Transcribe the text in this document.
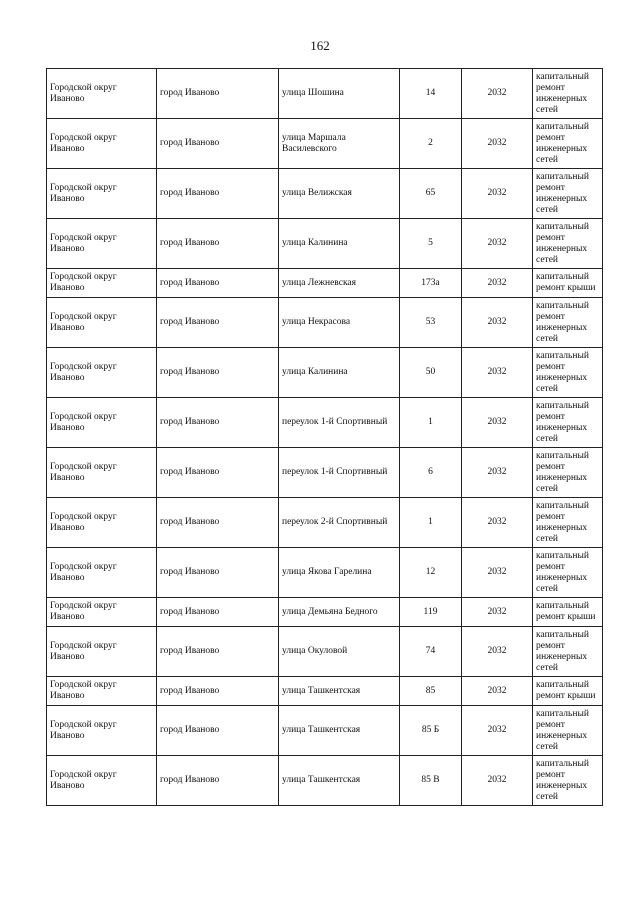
162
Городской округ Иваново	город Иваново	улица Шошина	14	2032	капитальный ремонт инженерных сетей
Городской округ Иваново	город Иваново	улица Маршала Василевского	2	2032	капитальный ремонт инженерных сетей
Городской округ Иваново	город Иваново	улица Велижская	65	2032	капитальный ремонт инженерных сетей
Городской округ Иваново	город Иваново	улица Калинина	5	2032	капитальный ремонт инженерных сетей
Городской округ Иваново	город Иваново	улица Лежневская	173а	2032	капитальный ремонт крыши
Городской округ Иваново	город Иваново	улица Некрасова	53	2032	капитальный ремонт инженерных сетей
Городской округ Иваново	город Иваново	улица Калинина	50	2032	капитальный ремонт инженерных сетей
Городской округ Иваново	город Иваново	переулок 1-й Спортивный	1	2032	капитальный ремонт инженерных сетей
Городской округ Иваново	город Иваново	переулок 1-й Спортивный	6	2032	капитальный ремонт инженерных сетей
Городской округ Иваново	город Иваново	переулок 2-й Спортивный	1	2032	капитальный ремонт инженерных сетей
Городской округ Иваново	город Иваново	улица Якова Гарелина	12	2032	капитальный ремонт инженерных сетей
Городской округ Иваново	город Иваново	улица Демьяна Бедного	119	2032	капитальный ремонт крыши
Городской округ Иваново	город Иваново	улица Окуловой	74	2032	капитальный ремонт инженерных сетей
Городской округ Иваново	город Иваново	улица Ташкентская	85	2032	капитальный ремонт крыши
Городской округ Иваново	город Иваново	улица Ташкентская	85 Б	2032	капитальный ремонт инженерных сетей
Городской округ Иваново	город Иваново	улица Ташкентская	85 В	2032	капитальный ремонт инженерных сетей
